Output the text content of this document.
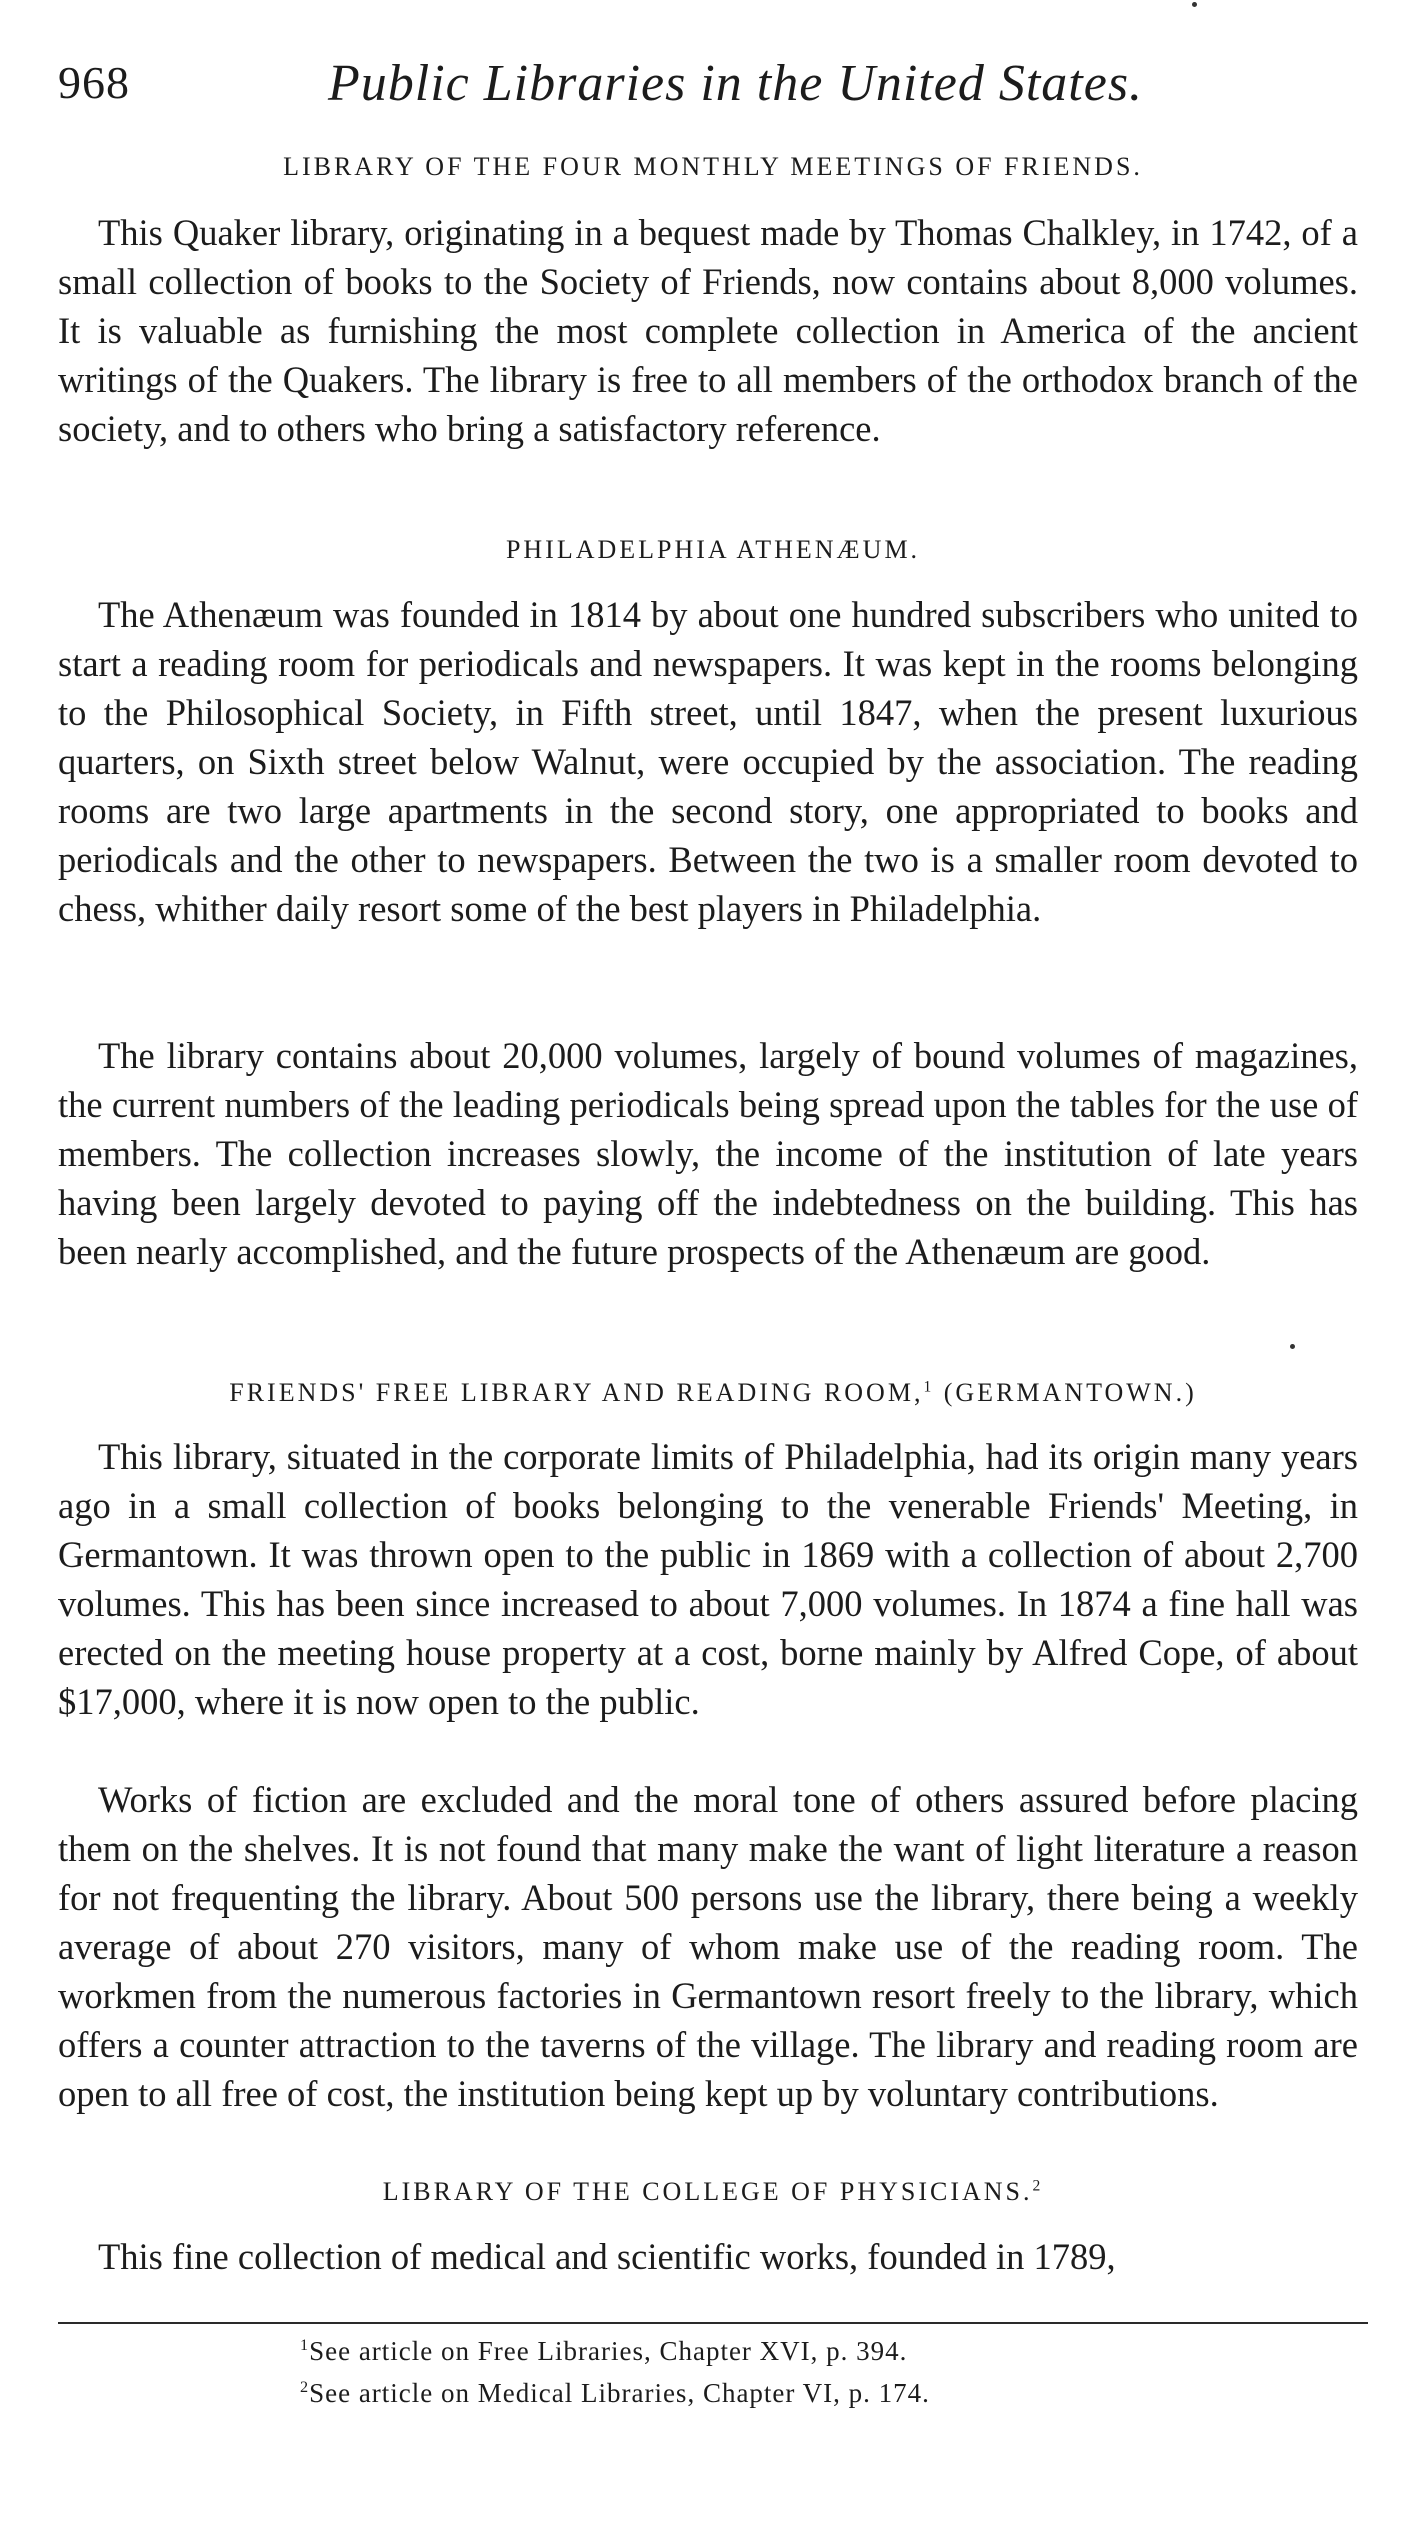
968	Public Libraries in the United States.
LIBRARY OF THE FOUR MONTHLY MEETINGS OF FRIENDS.

This Quaker library, originating in a bequest made by Thomas Chalkley, in 1742, of a small collection of books to the Society of Friends, now contains about 8,000 volumes. It is valuable as furnishing the most complete collection in America of the ancient writings of the Quakers. The library is free to all members of the orthodox branch of the society, and to others who bring a satisfactory reference.

PHILADELPHIA ATHENÆUM.

The Athenæum was founded in 1814 by about one hundred subscribers who united to start a reading room for periodicals and newspapers. It was kept in the rooms belonging to the Philosophical Society, in Fifth street, until 1847, when the present luxurious quarters, on Sixth street below Walnut, were occupied by the association. The reading rooms are two large apartments in the second story, one appropriated to books and periodicals and the other to newspapers. Between the two is a smaller room devoted to chess, whither daily resort some of the best players in Philadelphia.

The library contains about 20,000 volumes, largely of bound volumes of magazines, the current numbers of the leading periodicals being spread upon the tables for the use of members. The collection increases slowly, the income of the institution of late years having been largely devoted to paying off the indebtedness on the building. This has been nearly accomplished, and the future prospects of the Athenæum are good.

FRIENDS' FREE LIBRARY AND READING ROOM,$^1$ (GERMANTOWN.)

This library, situated in the corporate limits of Philadelphia, had its origin many years ago in a small collection of books belonging to the venerable Friends' Meeting, in Germantown. It was thrown open to the public in 1869 with a collection of about 2,700 volumes. This has been since increased to about 7,000 volumes. In 1874 a fine hall was erected on the meeting house property at a cost, borne mainly by Alfred Cope, of about $17,000, where it is now open to the public.

$^1$See article on Free Libraries, Chapter XVI, p. 394.
$^2$See article on Medical Libraries, Chapter VI, p. 174.

Works of fiction are excluded and the moral tone of others assured before placing them on the shelves. It is not found that many make the want of light literature a reason for not frequenting the library. About 500 persons use the library, there being a weekly average of about 270 visitors, many of whom make use of the reading room. The workmen from the numerous factories in Germantown resort freely to the library, which offers a counter attraction to the taverns of the village. The library and reading room are open to all free of cost, the institution being kept up by voluntary contributions.

LIBRARY OF THE COLLEGE OF PHYSICIANS.$^2$

This fine collection of medical and scientific works, founded in 1789,
